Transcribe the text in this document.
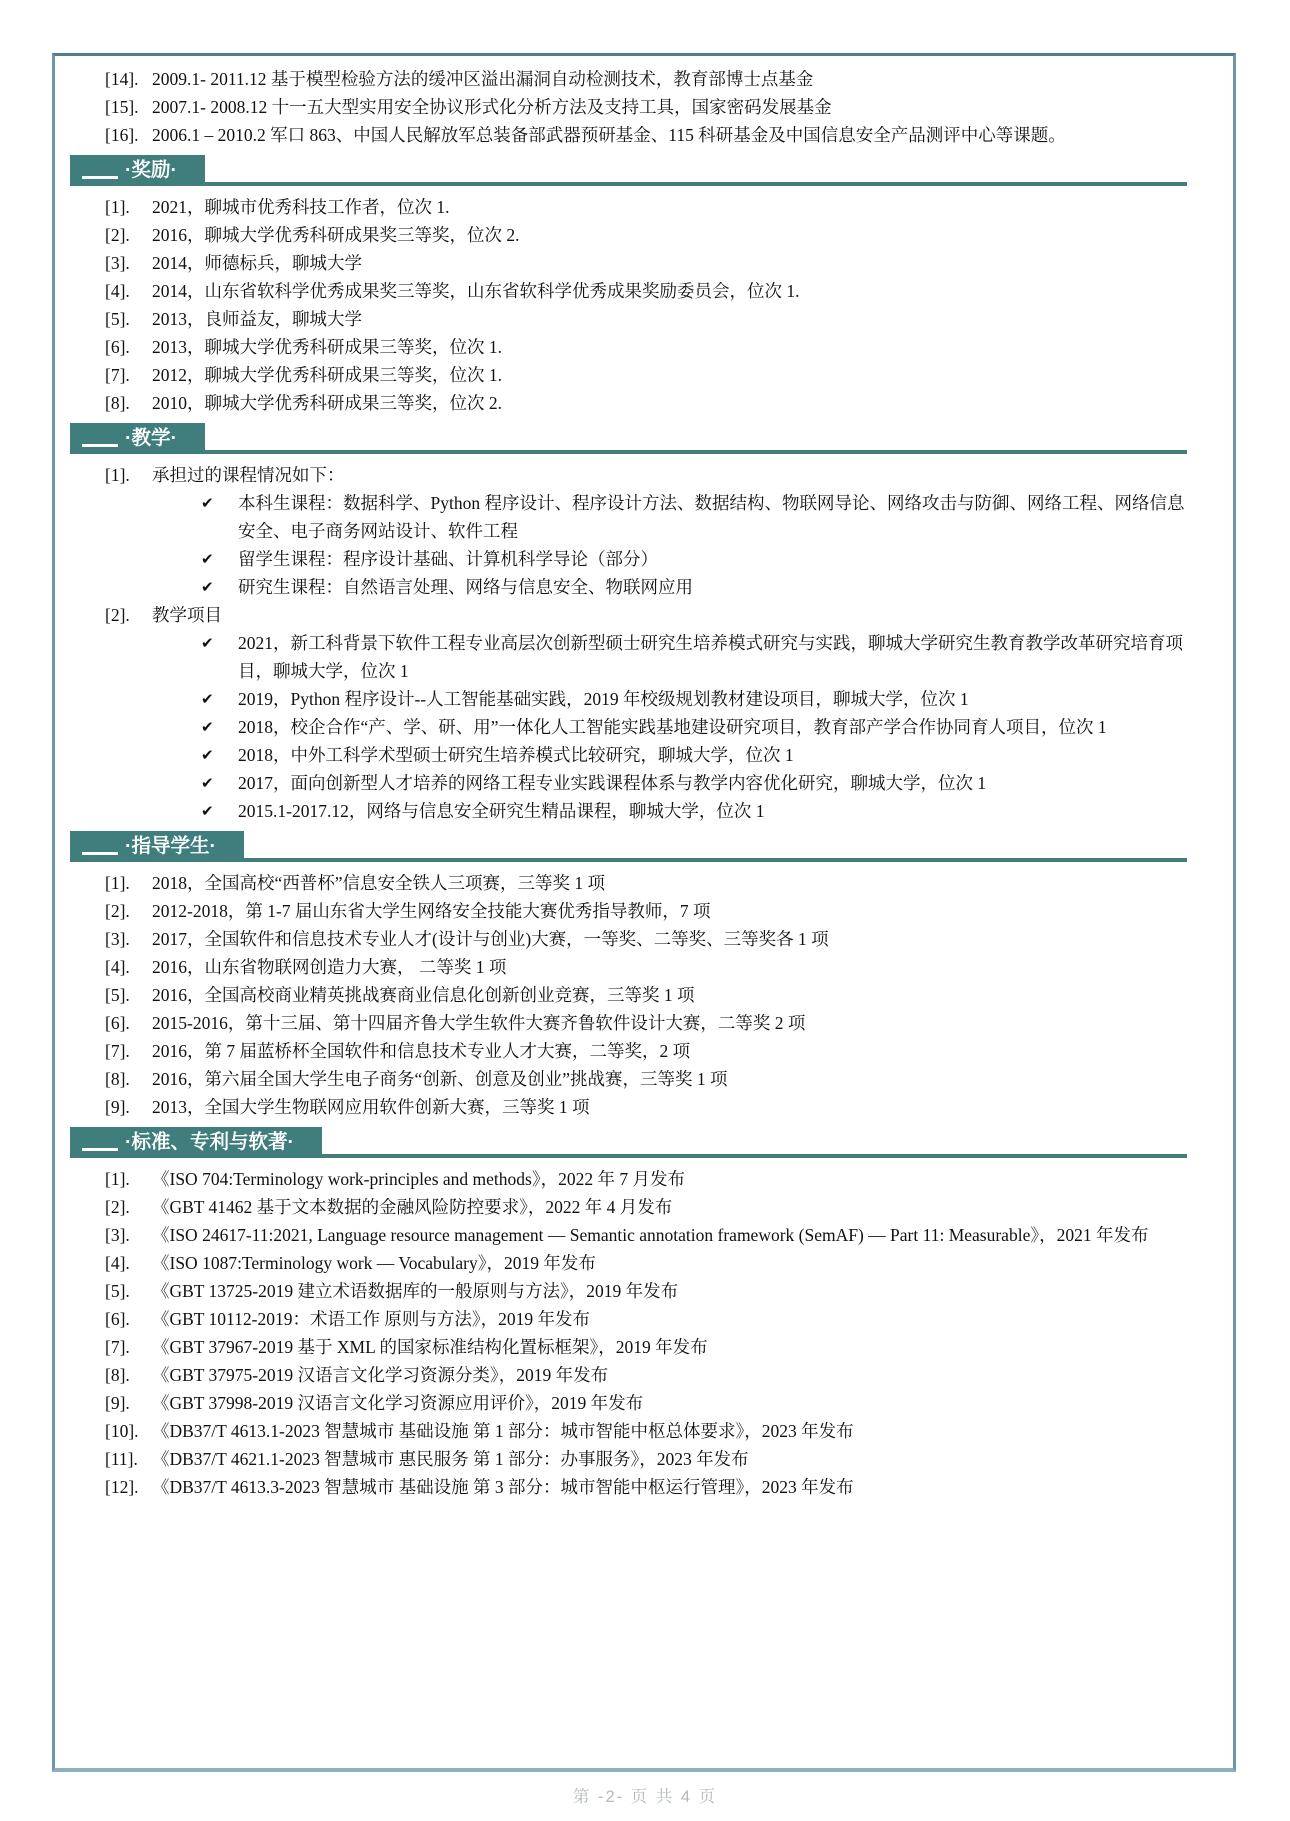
[14]. 2009.1- 2011.12 基于模型检验方法的缓冲区溢出漏洞自动检测技术，教育部博士点基金
[15]. 2007.1- 2008.12 十一五大型实用安全协议形式化分析方法及支持工具，国家密码发展基金
[16]. 2006.1 – 2010.2 军口 863、中国人民解放军总装备部武器预研基金、115 科研基金及中国信息安全产品测评中心等课题。
·奖励·
[1].	2021，聊城市优秀科技工作者，位次 1.
[2].	2016，聊城大学优秀科研成果奖三等奖，位次 2.
[3].	2014，师德标兵，聊城大学
[4].	2014，山东省软科学优秀成果奖三等奖，山东省软科学优秀成果奖励委员会，位次 1.
[5].	2013，良师益友，聊城大学
[6].	2013，聊城大学优秀科研成果三等奖，位次 1.
[7].	2012，聊城大学优秀科研成果三等奖，位次 1.
[8].	2010，聊城大学优秀科研成果三等奖，位次 2.
·教学·
[1].	承担过的课程情况如下：
✔	本科生课程：数据科学、Python 程序设计、程序设计方法、数据结构、物联网导论、网络攻击与防御、网络工程、网络信息安全、电子商务网站设计、软件工程
✔	留学生课程：程序设计基础、计算机科学导论（部分）
✔	研究生课程：自然语言处理、网络与信息安全、物联网应用
[2].	教学项目
✔	2021，新工科背景下软件工程专业高层次创新型硕士研究生培养模式研究与实践，聊城大学研究生教育教学改革研究培育项目，聊城大学，位次 1
✔	2019，Python 程序设计--人工智能基础实践，2019 年校级规划教材建设项目，聊城大学，位次 1
✔	2018，校企合作“产、学、研、用”一体化人工智能实践基地建设研究项目，教育部产学合作协同育人项目，位次 1
✔	2018，中外工科学术型硕士研究生培养模式比较研究，聊城大学，位次 1
✔	2017，面向创新型人才培养的网络工程专业实践课程体系与教学内容优化研究，聊城大学，位次 1
✔	2015.1-2017.12，网络与信息安全研究生精品课程，聊城大学，位次 1
·指导学生·
[1].	2018，全国高校“西普杯”信息安全铁人三项赛，三等奖 1 项
[2].	2012-2018，第 1-7 届山东省大学生网络安全技能大赛优秀指导教师，7 项
[3].	2017，全国软件和信息技术专业人才(设计与创业)大赛，一等奖、二等奖、三等奖各 1 项
[4].	2016，山东省物联网创造力大赛， 二等奖 1 项
[5].	2016，全国高校商业精英挑战赛商业信息化创新创业竞赛，三等奖 1 项
[6].	2015-2016，第十三届、第十四届齐鲁大学生软件大赛齐鲁软件设计大赛，二等奖 2 项
[7].	2016，第 7 届蓝桥杯全国软件和信息技术专业人才大赛，二等奖，2 项
[8].	2016，第六届全国大学生电子商务“创新、创意及创业”挑战赛，三等奖 1 项
[9].	2013，全国大学生物联网应用软件创新大赛，三等奖 1 项
·标准、专利与软著·
[1].	《ISO 704:Terminology work-principles and methods》，2022 年 7 月发布
[2].	《GBT 41462 基于文本数据的金融风险防控要求》，2022 年 4 月发布
[3].	《ISO 24617-11:2021, Language resource management — Semantic annotation framework (SemAF) — Part 11: Measurable》，2021 年发布
[4].	《ISO 1087:Terminology work — Vocabulary》，2019 年发布
[5].	《GBT 13725-2019 建立术语数据库的一般原则与方法》，2019 年发布
[6].	《GBT 10112-2019：术语工作 原则与方法》，2019 年发布
[7].	《GBT 37967-2019 基于 XML 的国家标准结构化置标框架》，2019 年发布
[8].	《GBT 37975-2019 汉语言文化学习资源分类》，2019 年发布
[9].	《GBT 37998-2019 汉语言文化学习资源应用评价》，2019 年发布
[10]. 《DB37/T 4613.1-2023 智慧城市 基础设施 第 1 部分：城市智能中枢总体要求》，2023 年发布
[11]. 《DB37/T 4621.1-2023 智慧城市 惠民服务 第 1 部分：办事服务》，2023 年发布
[12]. 《DB37/T 4613.3-2023 智慧城市 基础设施 第 3 部分：城市智能中枢运行管理》，2023 年发布
第 -2- 页 共 4 页
